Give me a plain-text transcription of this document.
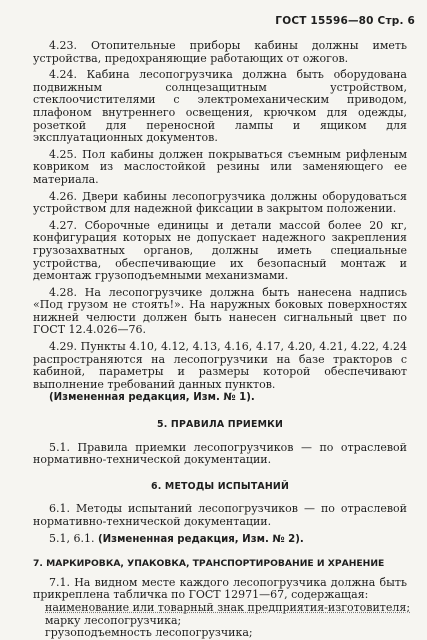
ГОСТ 15596—80 Стр. 6

4.23. Отопительные приборы кабины должны иметь устройства, предохраняющие работающих от ожогов.

4.24. Кабина лесопогрузчика должна быть оборудована подвижным солнцезащитным устройством, стеклоочистителями с электромеханическим приводом, плафоном внутреннего освещения, крючком для одежды, розеткой для переносной лампы и ящиком для эксплуатационных документов.

4.25. Пол кабины должен покрываться съемным рифленым ковриком из маслостойкой резины или заменяющего ее материала.

4.26. Двери кабины лесопогрузчика должны оборудоваться устройством для надежной фиксации в закрытом положении.

4.27. Сборочные единицы и детали массой более 20 кг, конфигурация которых не допускает надежного закрепления грузозахватных органов, должны иметь специальные устройства, обеспечивающие их безопасный монтаж и демонтаж грузоподъемными механизмами.

4.28. На лесопогрузчике должна быть нанесена надпись «Под грузом не стоять!». На наружных боковых поверхностях нижней челюсти должен быть нанесен сигнальный цвет по ГОСТ 12.4.026—76.

4.29. Пункты 4.10, 4.12, 4.13, 4.16, 4.17, 4.20, 4.21, 4.22, 4.24 распространяются на лесопогрузчики на базе тракторов с кабиной, параметры и размеры которой обеспечивают выполнение требований данных пунктов.

(Измененная редакция, Изм. № 1).

5. ПРАВИЛА ПРИЕМКИ

5.1. Правила приемки лесопогрузчиков — по отраслевой нормативно-технической документации.

6. МЕТОДЫ ИСПЫТАНИЙ

6.1. Методы испытаний лесопогрузчиков — по отраслевой нормативно-технической документации.

5.1, 6.1. (Измененная редакция, Изм. № 2).

7. МАРКИРОВКА, УПАКОВКА, ТРАНСПОРТИРОВАНИЕ И ХРАНЕНИЕ

7.1. На видном месте каждого лесопогрузчика должна быть прикреплена табличка по ГОСТ 12971—67, содержащая:

наименование или товарный знак предприятия-изготовителя;

марку лесопогрузчика;

грузоподъемность лесопогрузчика;
